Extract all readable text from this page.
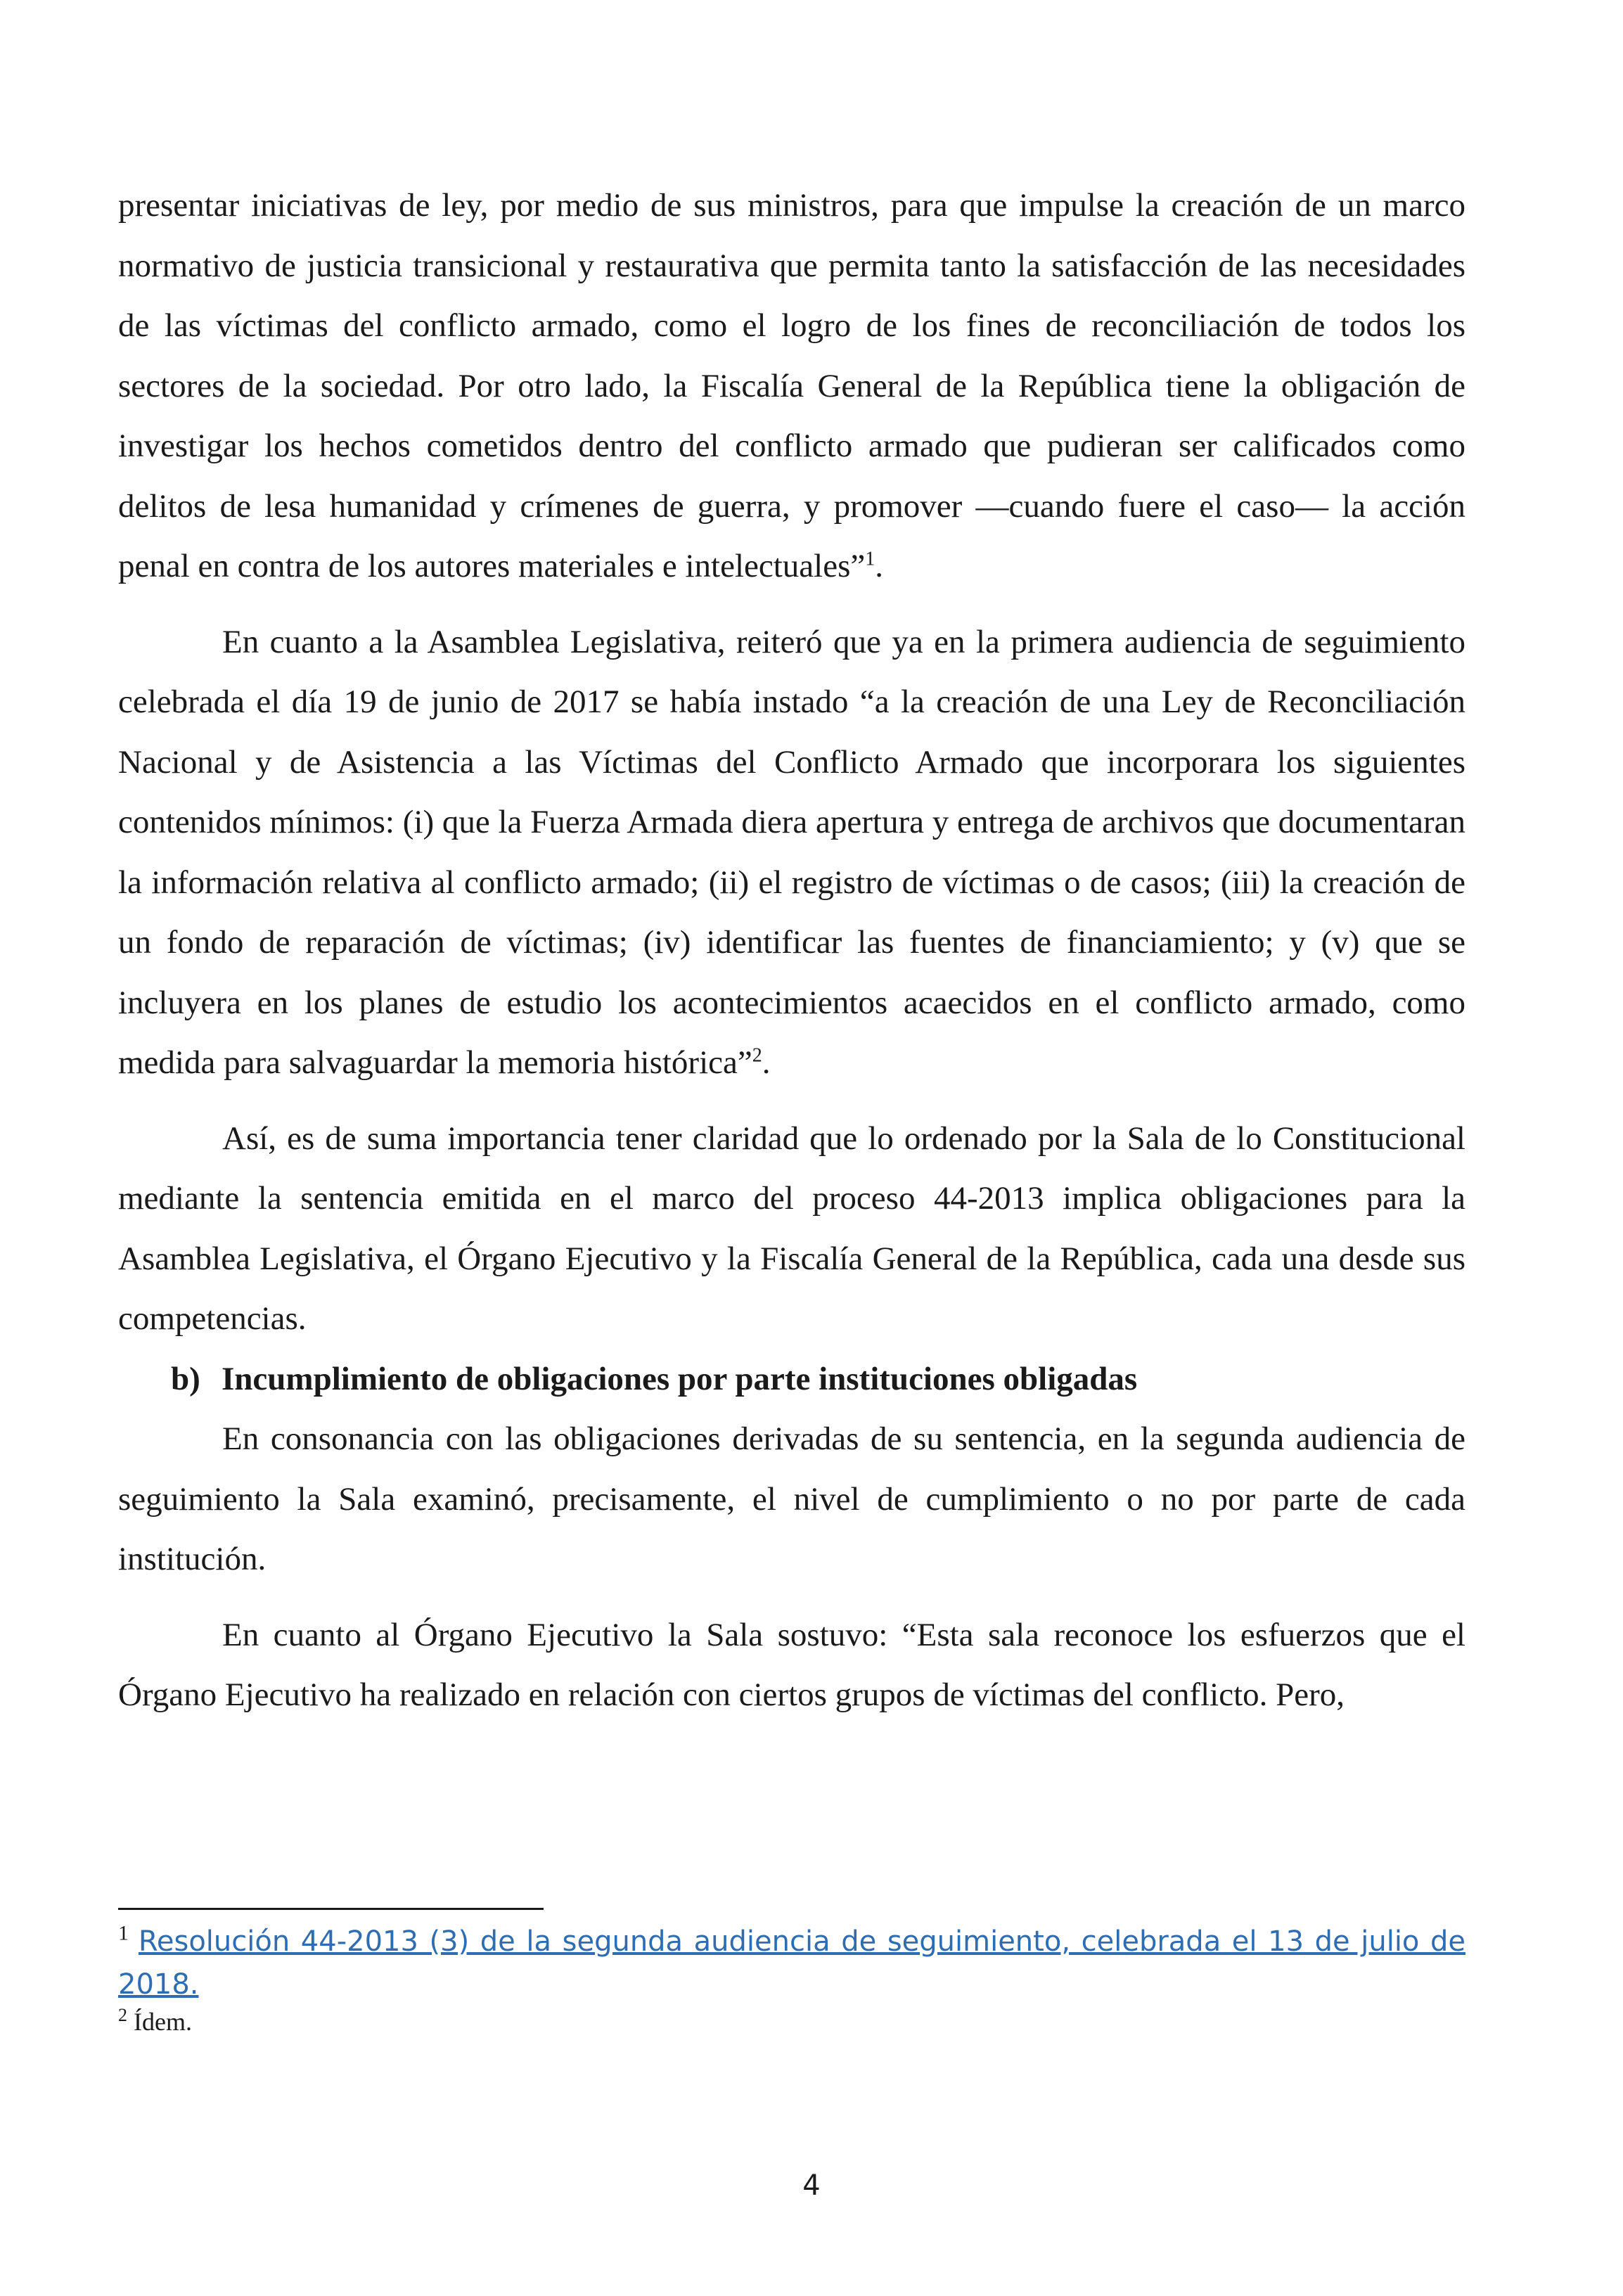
presentar iniciativas de ley, por medio de sus ministros, para que impulse la creación de un marco normativo de justicia transicional y restaurativa que permita tanto la satisfacción de las necesidades de las víctimas del conflicto armado, como el logro de los fines de reconciliación de todos los sectores de la sociedad. Por otro lado, la Fiscalía General de la República tiene la obligación de investigar los hechos cometidos dentro del conflicto armado que pudieran ser calificados como delitos de lesa humanidad y crímenes de guerra, y promover —cuando fuere el caso— la acción penal en contra de los autores materiales e intelectuales”$^1$.

En cuanto a la Asamblea Legislativa, reiteró que ya en la primera audiencia de seguimiento celebrada el día 19 de junio de 2017 se había instado “a la creación de una Ley de Reconciliación Nacional y de Asistencia a las Víctimas del Conflicto Armado que incorporara los siguientes contenidos mínimos: (i) que la Fuerza Armada diera apertura y entrega de archivos que documentaran la información relativa al conflicto armado; (ii) el registro de víctimas o de casos; (iii) la creación de un fondo de reparación de víctimas; (iv) identificar las fuentes de financiamiento; y (v) que se incluyera en los planes de estudio los acontecimientos acaecidos en el conflicto armado, como medida para salvaguardar la memoria histórica”$^2$.

Así, es de suma importancia tener claridad que lo ordenado por la Sala de lo Constitucional mediante la sentencia emitida en el marco del proceso 44-2013 implica obligaciones para la Asamblea Legislativa, el Órgano Ejecutivo y la Fiscalía General de la República, cada una desde sus competencias.

b) Incumplimiento de obligaciones por parte instituciones obligadas

En consonancia con las obligaciones derivadas de su sentencia, en la segunda audiencia de seguimiento la Sala examinó, precisamente, el nivel de cumplimiento o no por parte de cada institución.

En cuanto al Órgano Ejecutivo la Sala sostuvo: “Esta sala reconoce los esfuerzos que el Órgano Ejecutivo ha realizado en relación con ciertos grupos de víctimas del conflicto. Pero,

$^1$ Resolución 44-2013 (3) de la segunda audiencia de seguimiento, celebrada el 13 de julio de 2018.

$^2$ Ídem.

4
